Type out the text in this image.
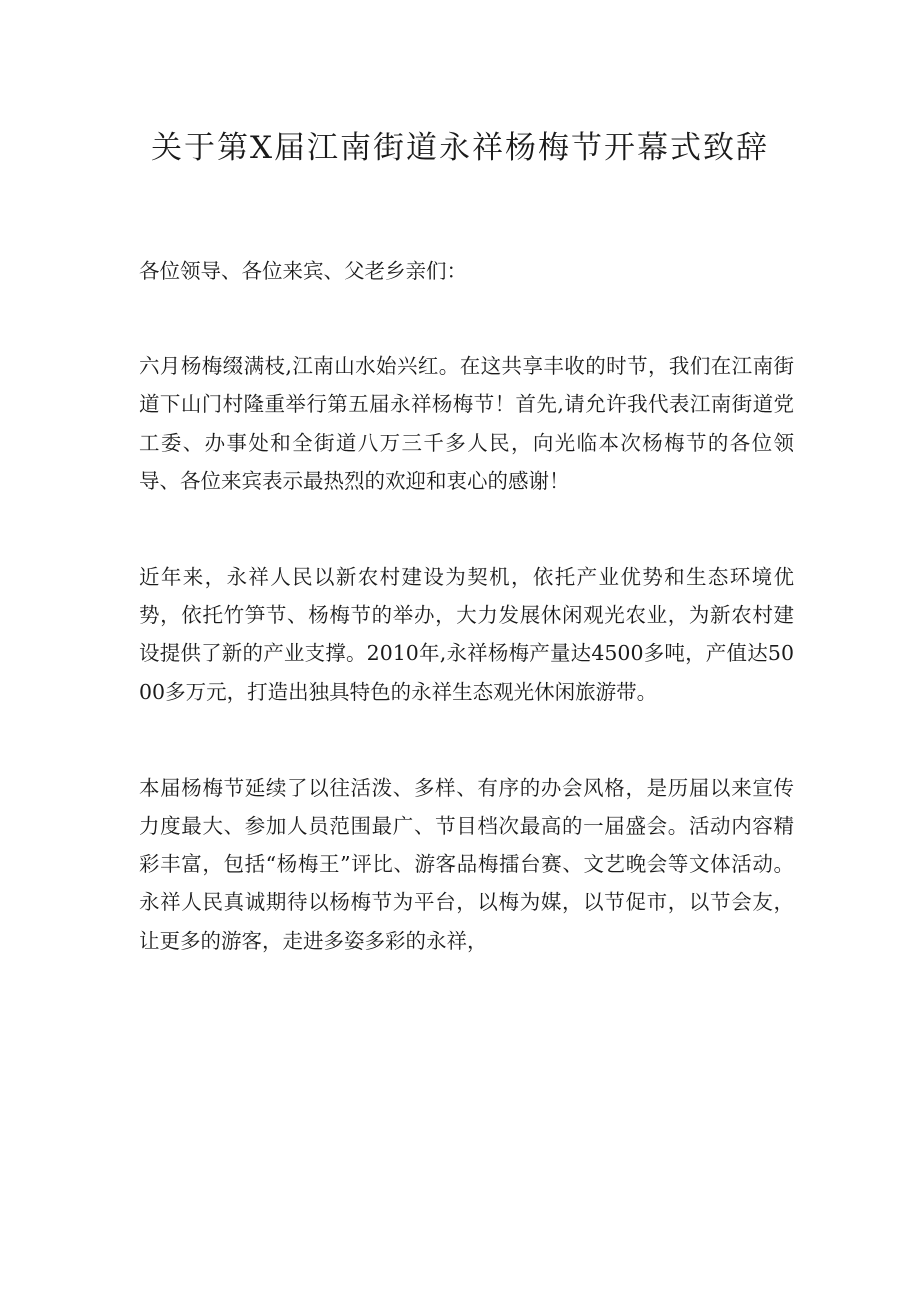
关于第X届江南街道永祥杨梅节开幕式致辞

各位领导、各位来宾、父老乡亲们：

六月杨梅缀满枝,江南山水始兴红。在这共享丰收的时节，我们在江南街道下山门村隆重举行第五届永祥杨梅节！首先,请允许我代表江南街道党工委、办事处和全街道八万三千多人民，向光临本次杨梅节的各位领导、各位来宾表示最热烈的欢迎和衷心的感谢！

近年来，永祥人民以新农村建设为契机，依托产业优势和生态环境优势，依托竹笋节、杨梅节的举办，大力发展休闲观光农业，为新农村建设提供了新的产业支撑。2010年,永祥杨梅产量达4500多吨，产值达5000多万元，打造出独具特色的永祥生态观光休闲旅游带。

本届杨梅节延续了以往活泼、多样、有序的办会风格，是历届以来宣传力度最大、参加人员范围最广、节目档次最高的一届盛会。活动内容精彩丰富，包括“杨梅王”评比、游客品梅擂台赛、文艺晚会等文体活动。永祥人民真诚期待以杨梅节为平台，以梅为媒，以节促市，以节会友，让更多的游客，走进多姿多彩的永祥，
